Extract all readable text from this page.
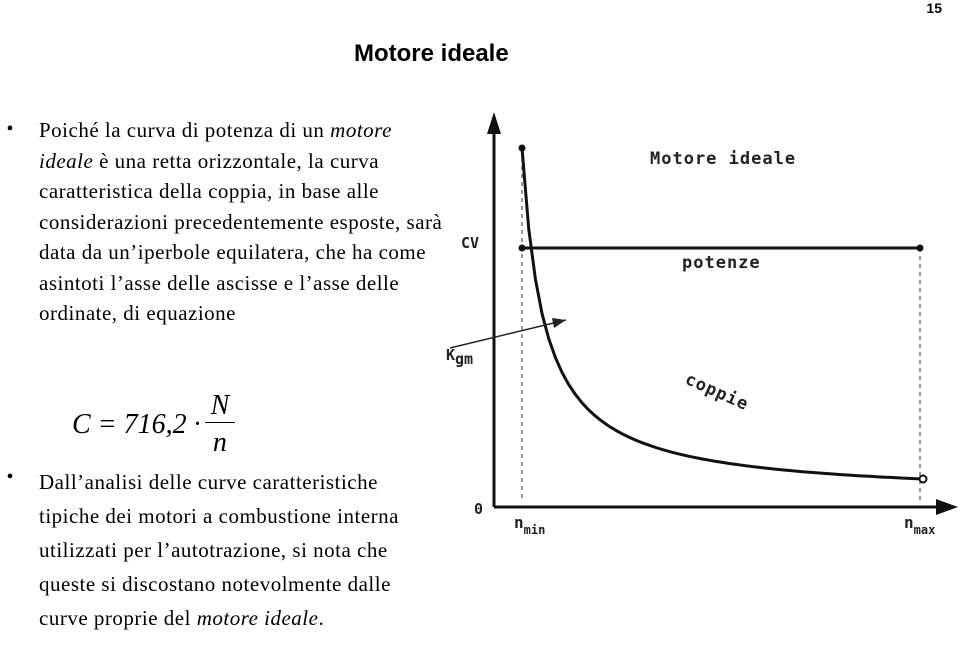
15
Motore ideale
• Poiché la curva di potenza di un motore ideale è una retta orizzontale, la curva caratteristica della coppia, in base alle considerazioni precedentemente esposte, sarà data da un’iperbole equilatera, che ha come asintoti l’asse delle ascisse e l’asse delle ordinate, di equazione
$C = 716,2 \cdot \frac{N}{n}$
• Dall’analisi delle curve caratteristiche tipiche dei motori a combustione interna utilizzati per l’autotrazione, si nota che queste si discostano notevolmente dalle curve proprie del motore ideale.
Motore ideale
CV
Kgm
potenze
coppie
0
$n_{min}$	$n_{max}$
